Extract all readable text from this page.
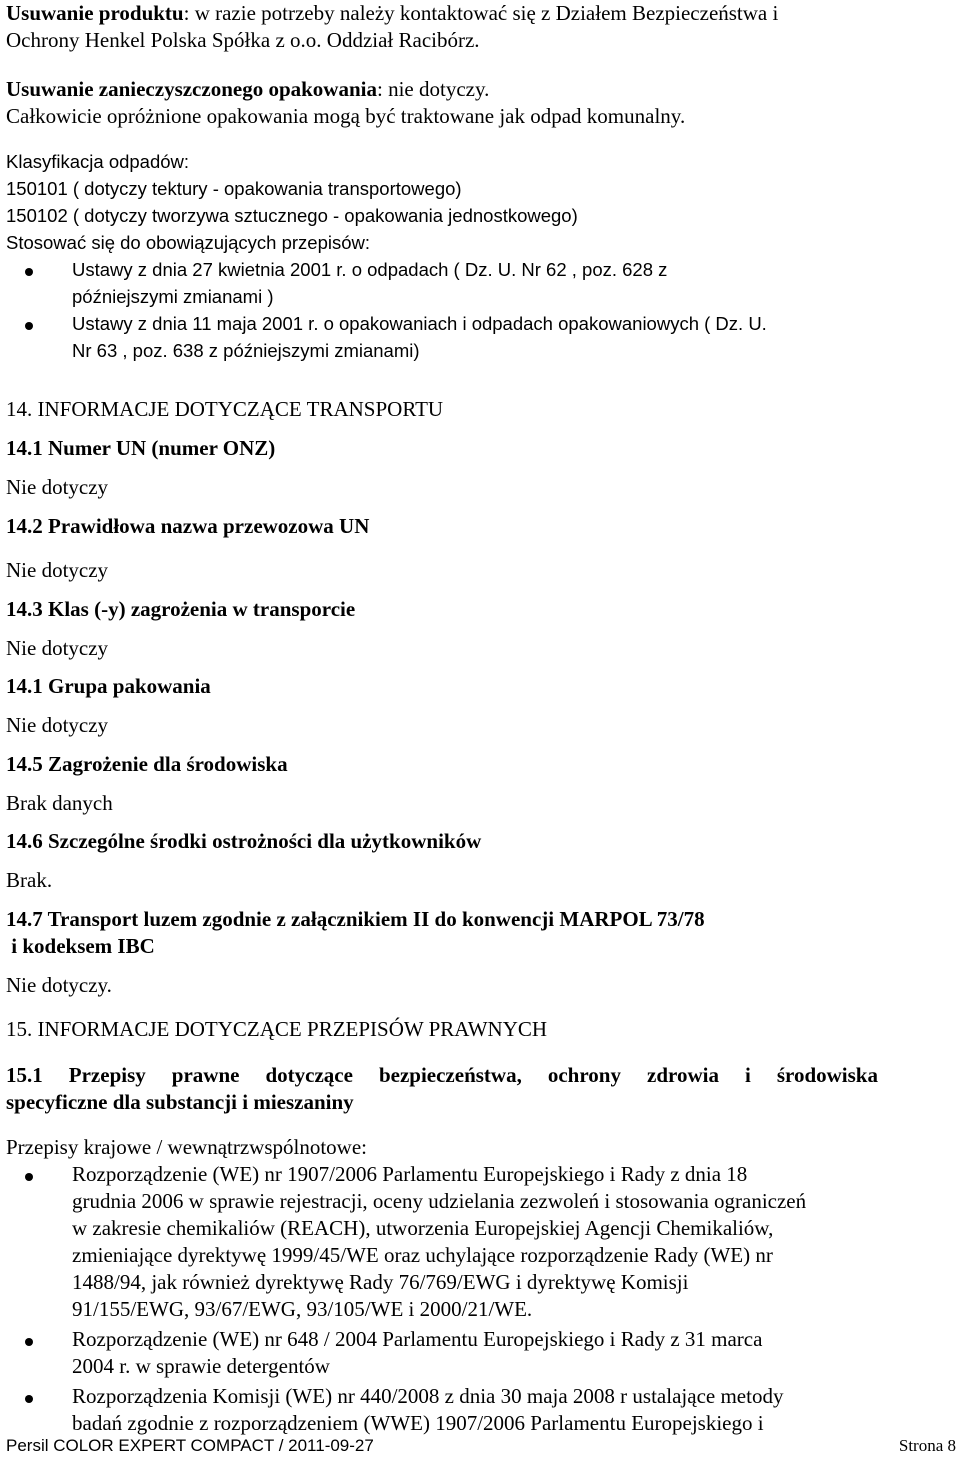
Usuwanie produktu: w razie potrzeby należy kontaktować się z Działem Bezpieczeństwa i
Ochrony Henkel Polska Spółka z o.o. Oddział Racibórz.
Usuwanie zanieczyszczonego opakowania: nie dotyczy.
Całkowicie opróżnione opakowania mogą być traktowane jak odpad komunalny.
Klasyfikacja odpadów:
150101 ( dotyczy tektury - opakowania transportowego)
150102 ( dotyczy tworzywa sztucznego - opakowania jednostkowego)
Stosować się do obowiązujących przepisów:
Ustawy z dnia 27 kwietnia 2001 r. o odpadach ( Dz. U. Nr 62 , poz. 628 z
późniejszymi zmianami )
Ustawy z dnia 11 maja 2001 r. o opakowaniach i odpadach opakowaniowych ( Dz. U.
Nr 63 , poz. 638 z późniejszymi zmianami)
14. INFORMACJE DOTYCZĄCE TRANSPORTU
14.1 Numer UN (numer ONZ)
Nie dotyczy
14.2 Prawidłowa nazwa przewozowa UN
Nie dotyczy
14.3 Klas (-y) zagrożenia w transporcie
Nie dotyczy
14.1 Grupa pakowania
Nie dotyczy
14.5 Zagrożenie dla środowiska
Brak danych
14.6 Szczególne środki ostrożności dla użytkowników
Brak.
14.7 Transport luzem zgodnie z załącznikiem II do konwencji MARPOL 73/78
i kodeksem IBC
Nie dotyczy.
15. INFORMACJE DOTYCZĄCE PRZEPISÓW PRAWNYCH
15.1 Przepisy prawne dotyczące bezpieczeństwa, ochrony zdrowia i środowiska
specyficzne dla substancji i mieszaniny
Przepisy krajowe / wewnątrzwspólnotowe:
Rozporządzenie (WE) nr 1907/2006 Parlamentu Europejskiego i Rady z dnia 18
grudnia 2006 w sprawie rejestracji, oceny udzielania zezwoleń i stosowania ograniczeń
w zakresie chemikaliów (REACH), utworzenia Europejskiej Agencji Chemikaliów,
zmieniające dyrektywę 1999/45/WE oraz uchylające rozporządzenie Rady (WE) nr
1488/94, jak również dyrektywę Rady 76/769/EWG i dyrektywę Komisji
91/155/EWG, 93/67/EWG, 93/105/WE i 2000/21/WE.
Rozporządzenie (WE) nr 648 / 2004 Parlamentu Europejskiego i Rady z 31 marca
2004 r. w sprawie detergentów
Rozporządzenia Komisji (WE) nr 440/2008 z dnia 30 maja 2008 r ustalające metody
badań zgodnie z rozporządzeniem (WWE) 1907/2006 Parlamentu Europejskiego i
Persil COLOR EXPERT COMPACT / 2011-09-27	Strona 8
